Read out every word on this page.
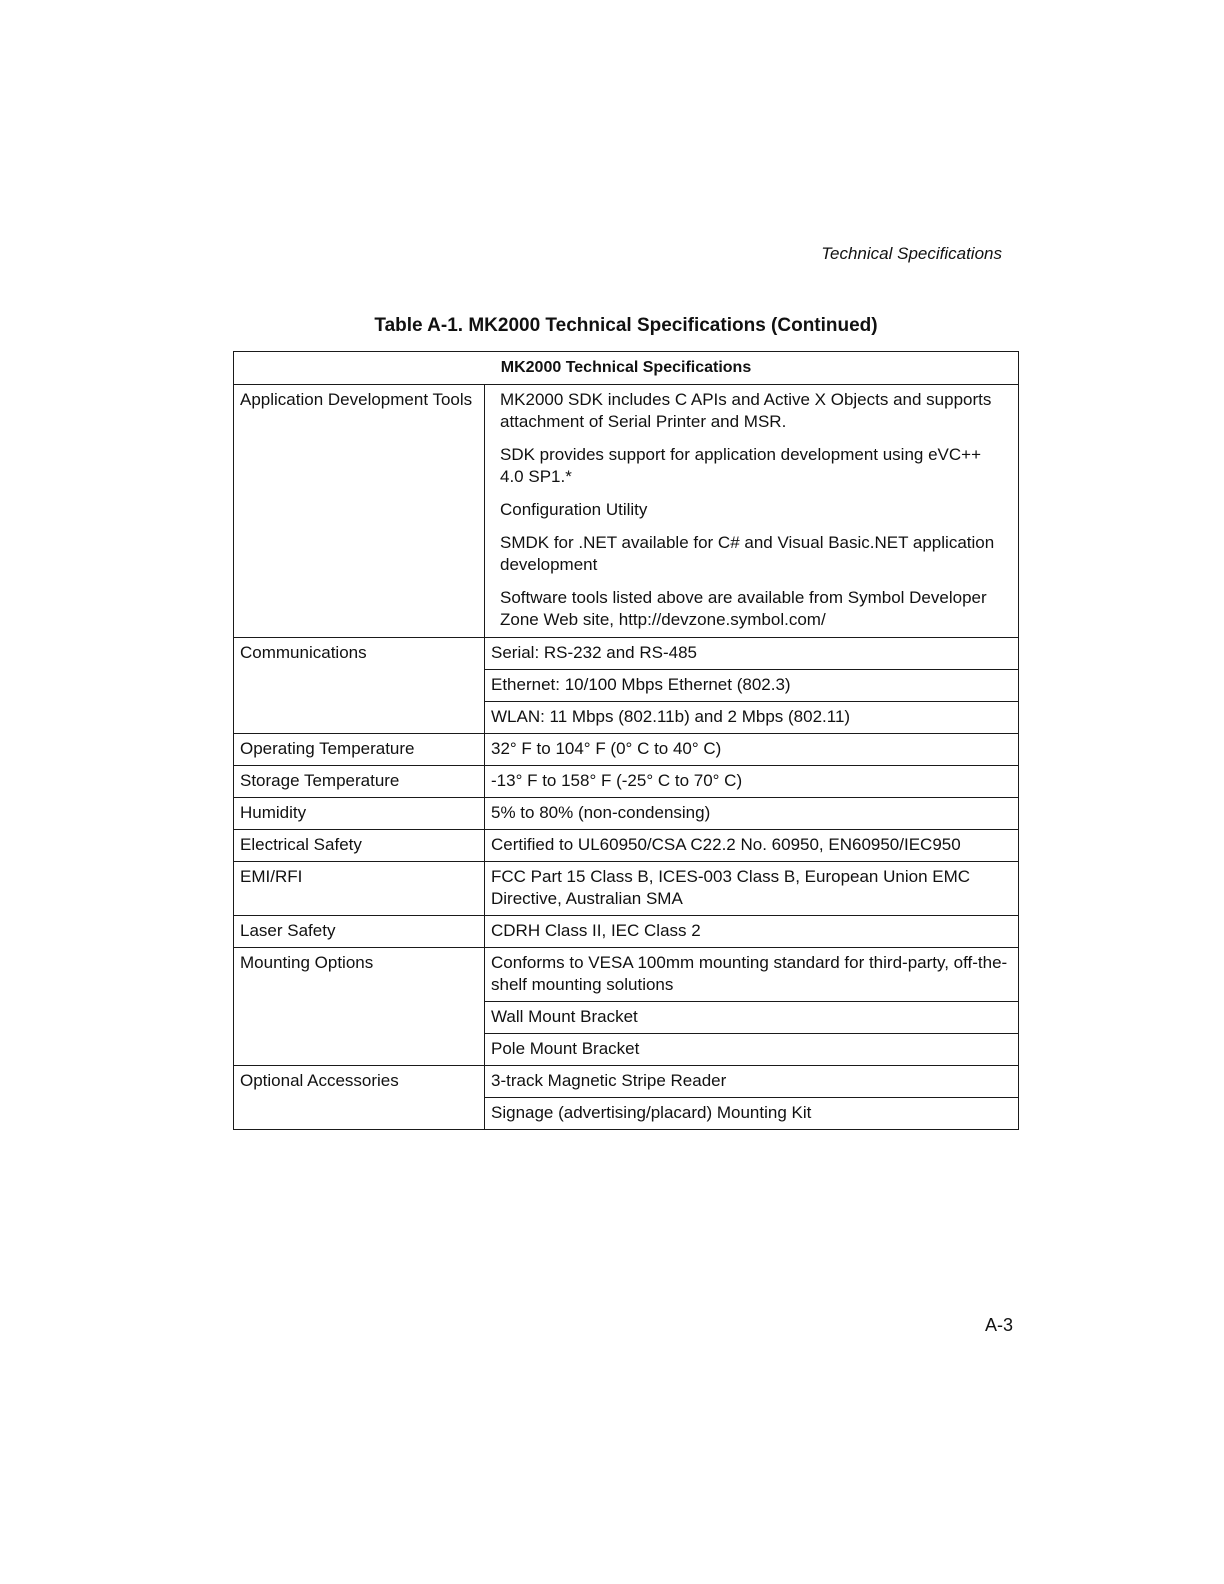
Technical Specifications
Table A-1. MK2000 Technical Specifications (Continued)
MK2000 Technical Specifications	
Application Development Tools	MK2000 SDK includes C APIs and Active X Objects and supports attachment of Serial Printer and MSR.

SDK provides support for application development using eVC++ 4.0 SP1.*

Configuration Utility

SMDK for .NET available for C# and Visual Basic.NET application development

Software tools listed above are available from Symbol Developer Zone Web site, http://devzone.symbol.com/

Communications	Serial: RS-232 and RS-485
	Ethernet: 10/100 Mbps Ethernet (802.3)
	WLAN: 11 Mbps (802.11b) and 2 Mbps (802.11)
Operating Temperature	32° F to 104° F (0° C to 40° C)
Storage Temperature	-13° F to 158° F (-25° C to 70° C)
Humidity	5% to 80% (non-condensing)
Electrical Safety	Certified to UL60950/CSA C22.2 No. 60950, EN60950/IEC950
EMI/RFI	FCC Part 15 Class B, ICES-003 Class B, European Union EMC Directive, Australian SMA
Laser Safety	CDRH Class II, IEC Class 2
Mounting Options	Conforms to VESA 100mm mounting standard for third-party, off-the-shelf mounting solutions
	Wall Mount Bracket
	Pole Mount Bracket
Optional Accessories	3-track Magnetic Stripe Reader
	Signage (advertising/placard) Mounting Kit
A-3
